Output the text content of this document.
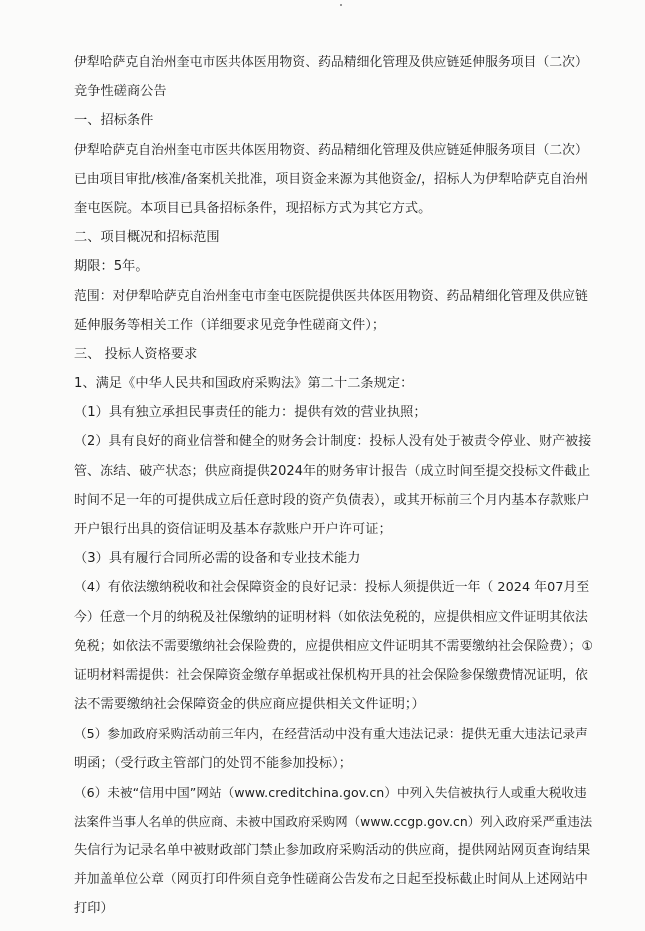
伊犁哈萨克自治州奎屯市医共体医用物资、药品精细化管理及供应链延伸服务项目（二次）
竞争性磋商公告
一、招标条件
伊犁哈萨克自治州奎屯市医共体医用物资、药品精细化管理及供应链延伸服务项目（二次）
已由项目审批/核准/备案机关批准，项目资金来源为其他资金/，招标人为伊犁哈萨克自治州
奎屯医院。本项目已具备招标条件，现招标方式为其它方式。
二、项目概况和招标范围
期限：5年。
范围：对伊犁哈萨克自治州奎屯市奎屯医院提供医共体医用物资、药品精细化管理及供应链
延伸服务等相关工作（详细要求见竞争性磋商文件）；
三、 投标人资格要求
1、满足《中华人民共和国政府采购法》第二十二条规定：
（1）具有独立承担民事责任的能力：提供有效的营业执照；
（2）具有良好的商业信誉和健全的财务会计制度：投标人没有处于被责令停业、财产被接
管、冻结、破产状态；供应商提供2024年的财务审计报告（成立时间至提交投标文件截止
时间不足一年的可提供成立后任意时段的资产负债表），或其开标前三个月内基本存款账户
开户银行出具的资信证明及基本存款账户开户许可证；
（3）具有履行合同所必需的设备和专业技术能力
（4）有依法缴纳税收和社会保障资金的良好记录：投标人须提供近一年（ 2024 年07月至
今）任意一个月的纳税及社保缴纳的证明材料（如依法免税的，应提供相应文件证明其依法
免税；如依法不需要缴纳社会保险费的，应提供相应文件证明其不需要缴纳社会保险费）；①
证明材料需提供：社会保障资金缴存单据或社保机构开具的社会保险参保缴费情况证明，依
法不需要缴纳社会保障资金的供应商应提供相关文件证明；）
（5）参加政府采购活动前三年内，在经营活动中没有重大违法记录：提供无重大违法记录声
明函；（受行政主管部门的处罚不能参加投标）；
（6）未被“信用中国”网站（www.creditchina.gov.cn）中列入失信被执行人或重大税收违
法案件当事人名单的供应商、未被中国政府采购网（www.ccgp.gov.cn）列入政府采严重违法
失信行为记录名单中被财政部门禁止参加政府采购活动的供应商，提供网站网页查询结果
并加盖单位公章（网页打印件须自竞争性磋商公告发布之日起至投标截止时间从上述网站中
打印）
